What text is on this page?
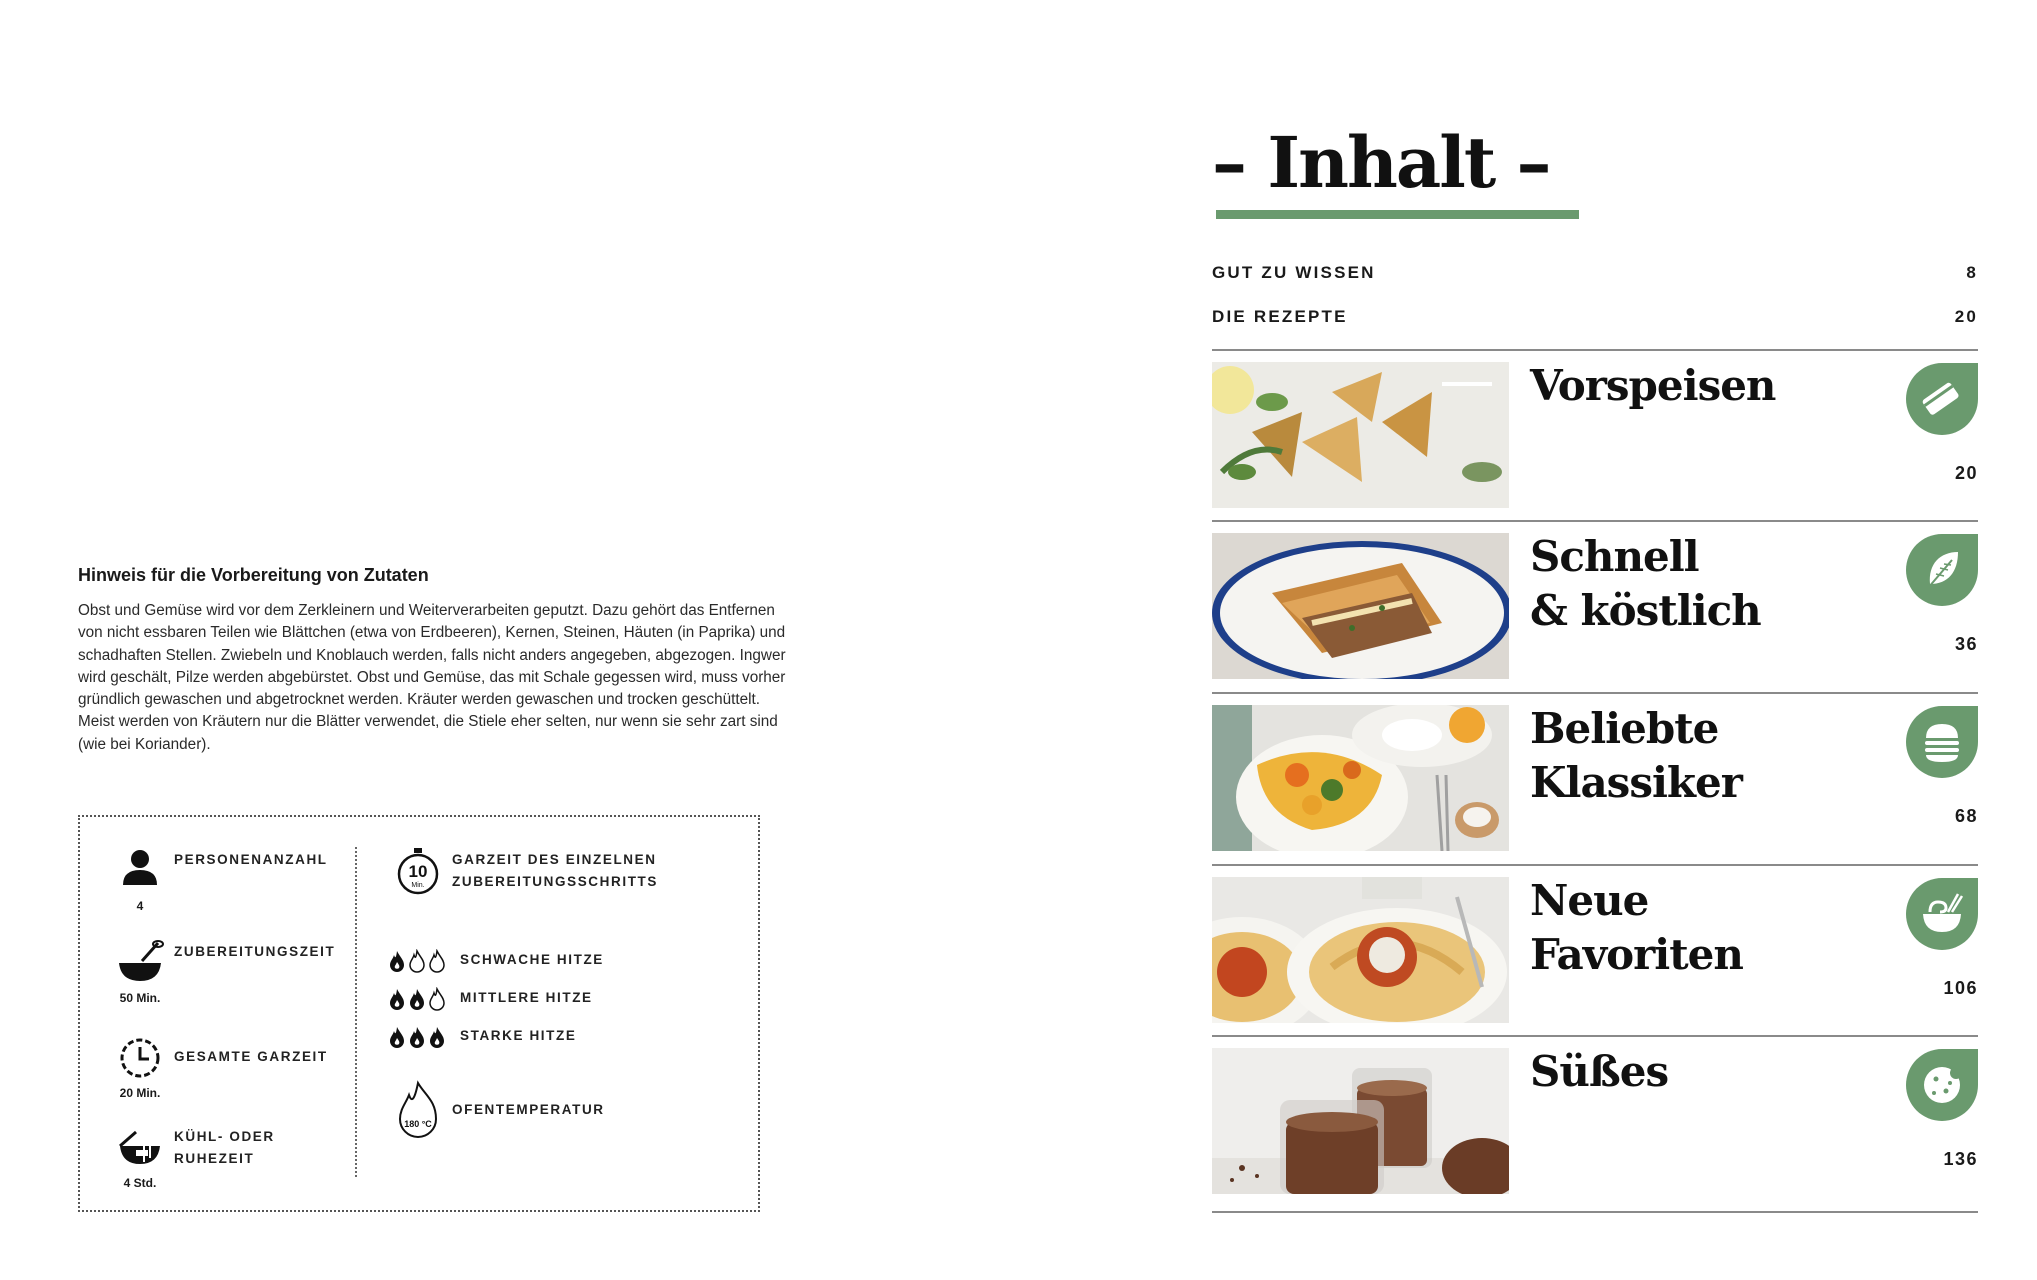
Hinweis für die Vorbereitung von Zutaten
Obst und Gemüse wird vor dem Zerkleinern und Weiterverarbeiten geputzt. Dazu gehört das Entfernen von nicht essbaren Teilen wie Blättchen (etwa von Erdbeeren), Kernen, Steinen, Häuten (in Paprika) und schadhaften Stellen. Zwiebeln und Knoblauch werden, falls nicht anders angegeben, abgezogen. Ingwer wird geschält, Pilze werden abgebürstet. Obst und Gemüse, das mit Schale gegessen wird, muss vorher gründlich gewaschen und abgetrocknet werden. Kräuter werden gewaschen und trocken geschüttelt. Meist werden von Kräutern nur die Blätter verwendet, die Stiele eher selten, nur wenn sie sehr zart sind (wie bei Koriander).
4
PERSONENANZAHL
50 Min.
ZUBEREITUNGSZEIT
20 Min.
GESAMTE GARZEIT
4 Std.
KÜHL- ODER
RUHEZEIT
10
Min.
GARZEIT DES EINZELNEN
ZUBEREITUNGSSCHRITTS
SCHWACHE HITZE
MITTLERE HITZE
STARKE HITZE
180 °C
OFENTEMPERATUR
– Inhalt –
GUT ZU WISSEN	8
DIE REZEPTE	20
Vorspeisen
20
Schnell
& köstlich
36
Beliebte
Klassiker
68
Neue
Favoriten
106
Süßes
136
